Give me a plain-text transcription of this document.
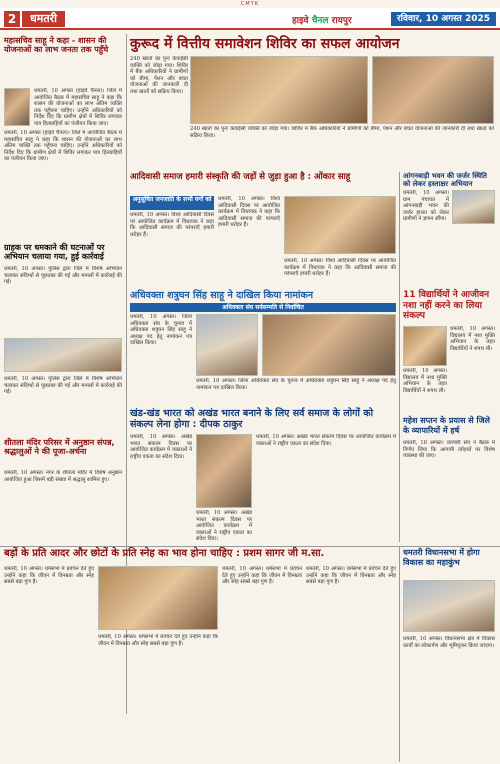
CMYK
2	धमतरी	हाइवे चैनल रायपुर	रविवार, 10 अगस्त 2025
महासचिव साहू ने कहा - शासन की योजनाओं का लाभ जनता तक पहुँचे
धमतरी, 10 अगस्त (हाइवे चैनल)। जिले में आयोजित बैठक में महासचिव साहू ने कहा कि शासन की योजनाओं का लाभ अंतिम व्यक्ति तक पहुँचना चाहिए। उन्होंने अधिकारियों को निर्देश दिए कि ग्रामीण क्षेत्रों में शिविर लगाकर पात्र हितग्राहियों का पंजीयन किया जाए।
धमतरी, 10 अगस्त (हाइवे चैनल)। जिले में आयोजित बैठक में महासचिव साहू ने कहा कि शासन की योजनाओं का लाभ अंतिम व्यक्ति तक पहुँचना चाहिए। उन्होंने अधिकारियों को निर्देश दिए कि ग्रामीण क्षेत्रों में शिविर लगाकर पात्र हितग्राहियों का पंजीयन किया जाए।
ग्राहक पर धमकाने की घटनाओं पर अभियान चलाया गया, हुई कार्रवाई
धमतरी, 10 अगस्त। पुलिस द्वारा जिले में विशेष अभियान चलाकर संदिग्धों से पूछताछ की गई और मामलों में कार्रवाई की गई।
धमतरी, 10 अगस्त। पुलिस द्वारा जिले में विशेष अभियान चलाकर संदिग्धों से पूछताछ की गई और मामलों में कार्रवाई की गई।
शीतला मंदिर परिसर में अनुष्ठान संपन्न, श्रद्धालुओं ने की पूजा-अर्चना
धमतरी, 10 अगस्त। नगर के शीतला मंदिर में विशेष अनुष्ठान आयोजित हुआ जिसमें बड़ी संख्या में श्रद्धालु शामिल हुए।
कुरूद में वित्तीय समावेशन शिविर का सफल आयोजन
240 खातों का पुनः केवाईसी व्यक्ति को जोड़ा गया। शिविर में बैंक अधिकारियों ने ग्रामीणों को बीमा, पेंशन और बचत योजनाओं की जानकारी दी तथा खातों को सक्रिय किया।
240 खातों का पुनः केवाईसी व्यक्ति को जोड़ा गया। शिविर में बैंक अधिकारियों ने ग्रामीणों को बीमा, पेंशन और बचत योजनाओं की जानकारी दी तथा खातों को सक्रिय किया।
आदिवासी समाज हमारी संस्कृति की जड़ों से जुड़ा हुआ है : ओंकार साहू
अनुसूचित जनजाति के सभी वर्गों को
धमतरी, 10 अगस्त। विश्व आदिवासी दिवस पर आयोजित कार्यक्रम में विधायक ने कहा कि आदिवासी समाज की परंपराएँ हमारी धरोहर हैं।
धमतरी, 10 अगस्त। विश्व आदिवासी दिवस पर आयोजित कार्यक्रम में विधायक ने कहा कि आदिवासी समाज की परंपराएँ हमारी धरोहर हैं।
धमतरी, 10 अगस्त। विश्व आदिवासी दिवस पर आयोजित कार्यक्रम में विधायक ने कहा कि आदिवासी समाज की परंपराएँ हमारी धरोहर हैं।
अधिवक्ता शत्रुघन सिंह साहू ने दाखिल किया नामांकन
अधिवक्ता संघ सर्वसम्मति से निर्वाचित
धमतरी, 10 अगस्त। जिला अधिवक्ता संघ के चुनाव में अधिवक्ता शत्रुघन सिंह साहू ने अध्यक्ष पद हेतु नामांकन पत्र दाखिल किया।
धमतरी, 10 अगस्त। जिला अधिवक्ता संघ के चुनाव में अधिवक्ता शत्रुघन सिंह साहू ने अध्यक्ष पद हेतु नामांकन पत्र दाखिल किया।
आंगनबाड़ी भवन की जर्जर स्थिति को लेकर हस्ताक्षर अभियान
धमतरी, 10 अगस्त। ग्राम पंचायत में आंगनबाड़ी भवन की जर्जर हालत को लेकर ग्रामीणों ने ज्ञापन सौंपा।
11 विद्यार्थियों ने आजीवन नशा नहीं करने का लिया संकल्प
धमतरी, 10 अगस्त। विद्यालय में नशा मुक्ति अभियान के तहत विद्यार्थियों ने शपथ ली।
धमतरी, 10 अगस्त। विद्यालय में नशा मुक्ति अभियान के तहत विद्यार्थियों ने शपथ ली।
महेश सप्तन के प्रयास से जिले के व्यापारियों में हर्ष
धमतरी, 10 अगस्त। व्यापारी संघ ने बैठक में निर्णय लिया कि आगामी त्योहारों पर विशेष व्यवस्था की जाए।
खंड-खंड भारत को अखंड भारत बनाने के लिए सर्व समाज के लोगों को संकल्प लेना होगा : दीपक ठाकुर
धमतरी, 10 अगस्त। अखंड भारत संकल्प दिवस पर आयोजित कार्यक्रम में वक्ताओं ने राष्ट्रीय एकता का संदेश दिया।
धमतरी, 10 अगस्त। अखंड भारत संकल्प दिवस पर आयोजित कार्यक्रम में वक्ताओं ने राष्ट्रीय एकता का संदेश दिया।
धमतरी, 10 अगस्त। अखंड भारत संकल्प दिवस पर आयोजित कार्यक्रम में वक्ताओं ने राष्ट्रीय एकता का संदेश दिया।
बड़ों के प्रति आदर और छोटों के प्रति स्नेह का भाव होना चाहिए : प्रशम सागर जी म.सा.
धमतरी, 10 अगस्त। धर्मसभा में प्रवचन देते हुए उन्होंने कहा कि जीवन में विनम्रता और स्नेह सबसे बड़ा गुण है।
धमतरी, 10 अगस्त। धर्मसभा में प्रवचन देते हुए उन्होंने कहा कि जीवन में विनम्रता और स्नेह सबसे बड़ा गुण है।
धमतरी, 10 अगस्त। धर्मसभा में प्रवचन देते हुए उन्होंने कहा कि जीवन में विनम्रता और स्नेह सबसे बड़ा गुण है।
धमतरी, 10 अगस्त। धर्मसभा में प्रवचन देते हुए उन्होंने कहा कि जीवन में विनम्रता और स्नेह सबसे बड़ा गुण है।
धमतरी विधानसभा में होगा विकास का महाकुंभ
धमतरी, 10 अगस्त। विधानसभा क्षेत्र में विकास कार्यों का लोकार्पण और भूमिपूजन किया जाएगा।
